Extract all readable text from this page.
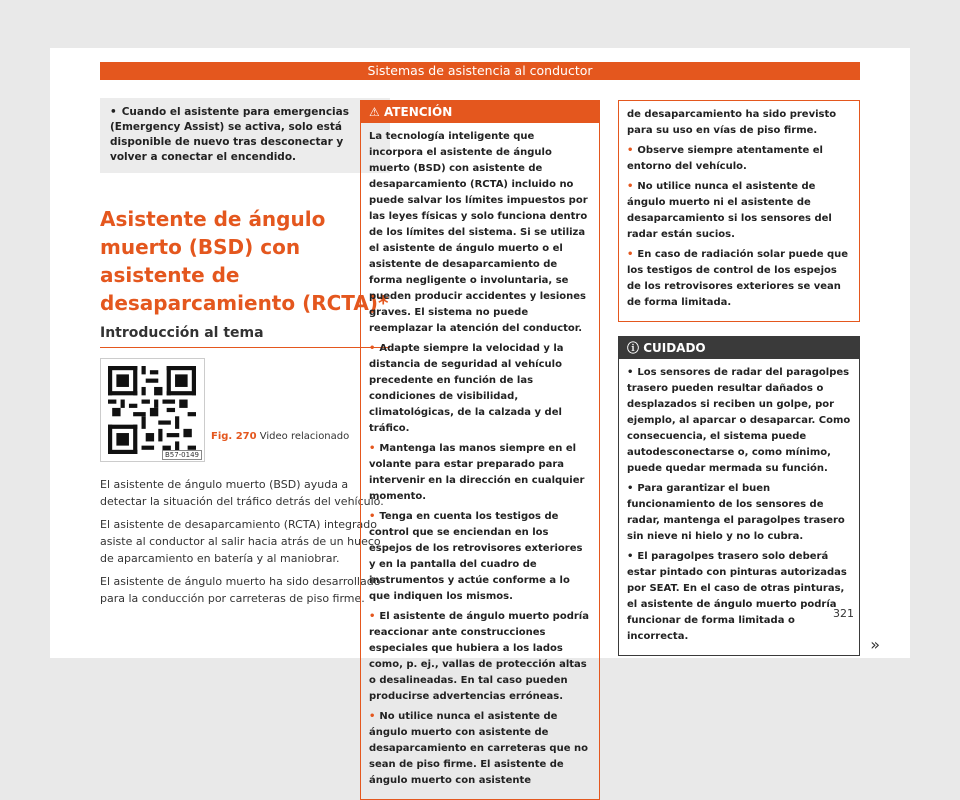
Sistemas de asistencia al conductor
• Cuando el asistente para emergencias (Emergency Assist) se activa, solo está disponible de nuevo tras desconectar y volver a conectar el encendido.
Asistente de ángulo muerto (BSD) con asistente de desaparcamiento (RCTA)*
Introducción al tema
B57-0149
Fig. 270 Video relacionado

El asistente de ángulo muerto (BSD) ayuda a detectar la situación del tráfico detrás del vehículo.

El asistente de desaparcamiento (RCTA) integrado asiste al conductor al salir hacia atrás de un hueco de aparcamiento en batería y al maniobrar.

El asistente de ángulo muerto ha sido desarrollado para la conducción por carreteras de piso firme.

⚠ ATENCIÓN

La tecnología inteligente que incorpora el asistente de ángulo muerto (BSD) con asistente de desaparcamiento (RCTA) incluido no puede salvar los límites impuestos por las leyes físicas y solo funciona dentro de los límites del sistema. Si se utiliza el asistente de ángulo muerto o el asistente de desaparcamiento de forma negligente o involuntaria, se pueden producir accidentes y lesiones graves. El sistema no puede reemplazar la atención del conductor.

• Adapte siempre la velocidad y la distancia de seguridad al vehículo precedente en función de las condiciones de visibilidad, climatológicas, de la calzada y del tráfico.

• Mantenga las manos siempre en el volante para estar preparado para intervenir en la dirección en cualquier momento.

• Tenga en cuenta los testigos de control que se enciendan en los espejos de los retrovisores exteriores y en la pantalla del cuadro de instrumentos y actúe conforme a lo que indiquen los mismos.

• El asistente de ángulo muerto podría reaccionar ante construcciones especiales que hubiera a los lados como, p. ej., vallas de protección altas o desalineadas. En tal caso pueden producirse advertencias erróneas.

• No utilice nunca el asistente de ángulo muerto con asistente de desaparcamiento en carreteras que no sean de piso firme. El asistente de ángulo muerto con asistente

de desaparcamiento ha sido previsto para su uso en vías de piso firme.

• Observe siempre atentamente el entorno del vehículo.

• No utilice nunca el asistente de ángulo muerto ni el asistente de desaparcamiento si los sensores del radar están sucios.

• En caso de radiación solar puede que los testigos de control de los espejos de los retrovisores exteriores se vean de forma limitada.

ⓘ CUIDADO

• Los sensores de radar del paragolpes trasero pueden resultar dañados o desplazados si reciben un golpe, por ejemplo, al aparcar o desaparcar. Como consecuencia, el sistema puede autodesconectarse o, como mínimo, puede quedar mermada su función.

• Para garantizar el buen funcionamiento de los sensores de radar, mantenga el paragolpes trasero sin nieve ni hielo y no lo cubra.

• El paragolpes trasero solo deberá estar pintado con pinturas autorizadas por SEAT. En el caso de otras pinturas, el asistente de ángulo muerto podría funcionar de forma limitada o incorrecta.	»
321
